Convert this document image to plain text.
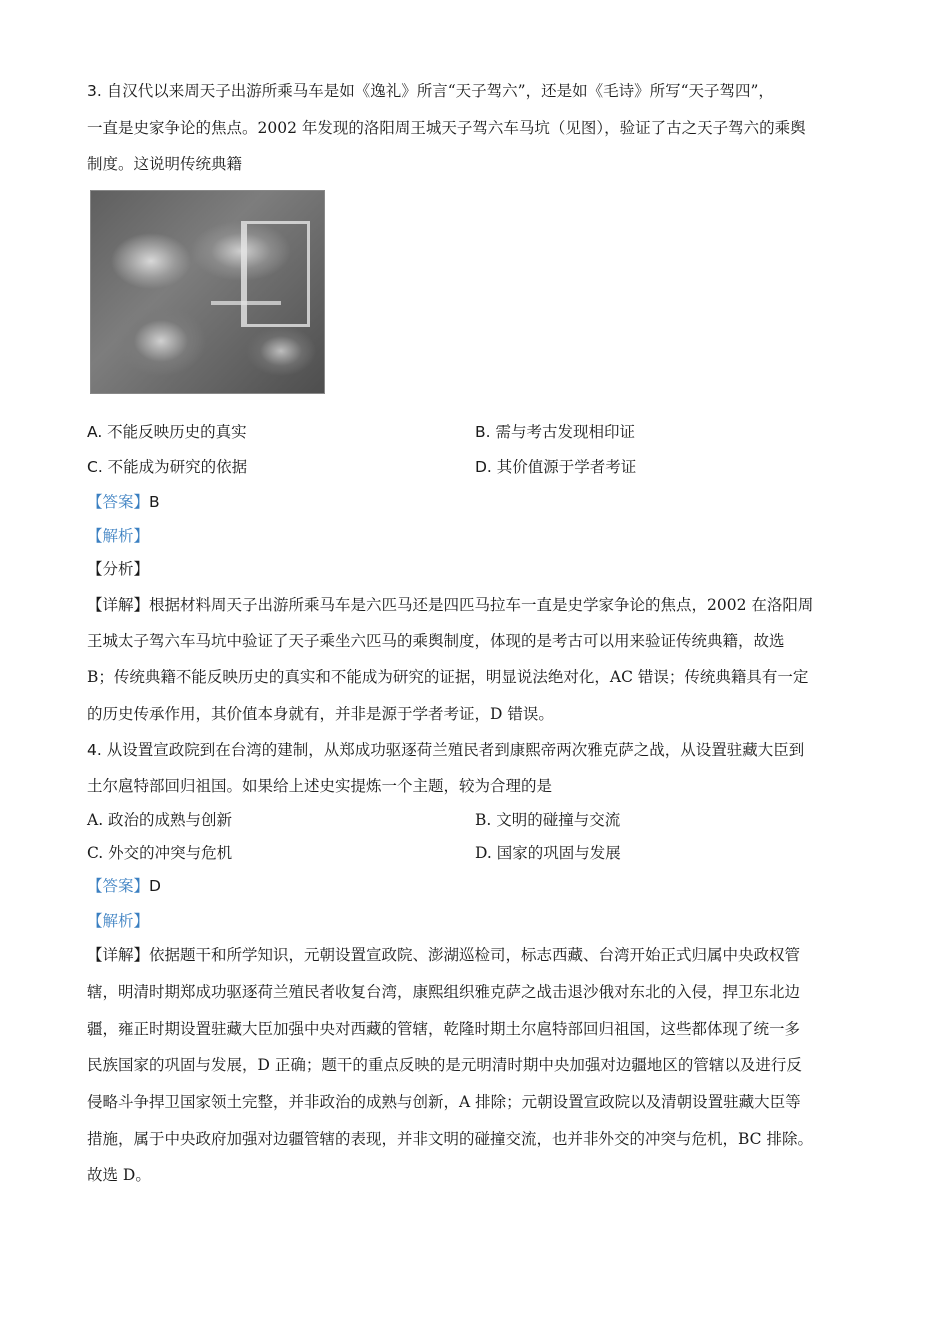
3. 自汉代以来周天子出游所乘马车是如《逸礼》所言“天子驾六”，还是如《毛诗》所写“天子驾四”，
一直是史家争论的焦点。2002 年发现的洛阳周王城天子驾六车马坑（见图），验证了古之天子驾六的乘舆
制度。这说明传统典籍
A. 不能反映历史的真实	B. 需与考古发现相印证
C. 不能成为研究的依据	D. 其价值源于学者考证
【答案】B
【解析】
【分析】
【详解】根据材料周天子出游所乘马车是六匹马还是四匹马拉车一直是史学家争论的焦点，2002 在洛阳周
王城太子驾六车马坑中验证了天子乘坐六匹马的乘舆制度，体现的是考古可以用来验证传统典籍，故选
B；传统典籍不能反映历史的真实和不能成为研究的证据，明显说法绝对化，AC 错误；传统典籍具有一定
的历史传承作用，其价值本身就有，并非是源于学者考证，D 错误。
4. 从设置宣政院到在台湾的建制，从郑成功驱逐荷兰殖民者到康熙帝两次雅克萨之战，从设置驻藏大臣到
土尔扈特部回归祖国。如果给上述史实提炼一个主题，较为合理的是
A. 政治的成熟与创新	B. 文明的碰撞与交流
C. 外交的冲突与危机	D. 国家的巩固与发展
【答案】D
【解析】
【详解】依据题干和所学知识，元朝设置宣政院、澎湖巡检司，标志西藏、台湾开始正式归属中央政权管
辖，明清时期郑成功驱逐荷兰殖民者收复台湾，康熙组织雅克萨之战击退沙俄对东北的入侵，捍卫东北边
疆，雍正时期设置驻藏大臣加强中央对西藏的管辖，乾隆时期土尔扈特部回归祖国，这些都体现了统一多
民族国家的巩固与发展，D 正确；题干的重点反映的是元明清时期中央加强对边疆地区的管辖以及进行反
侵略斗争捍卫国家领土完整，并非政治的成熟与创新，A 排除；元朝设置宣政院以及清朝设置驻藏大臣等
措施，属于中央政府加强对边疆管辖的表现，并非文明的碰撞交流，也并非外交的冲突与危机，BC 排除。
故选 D。
